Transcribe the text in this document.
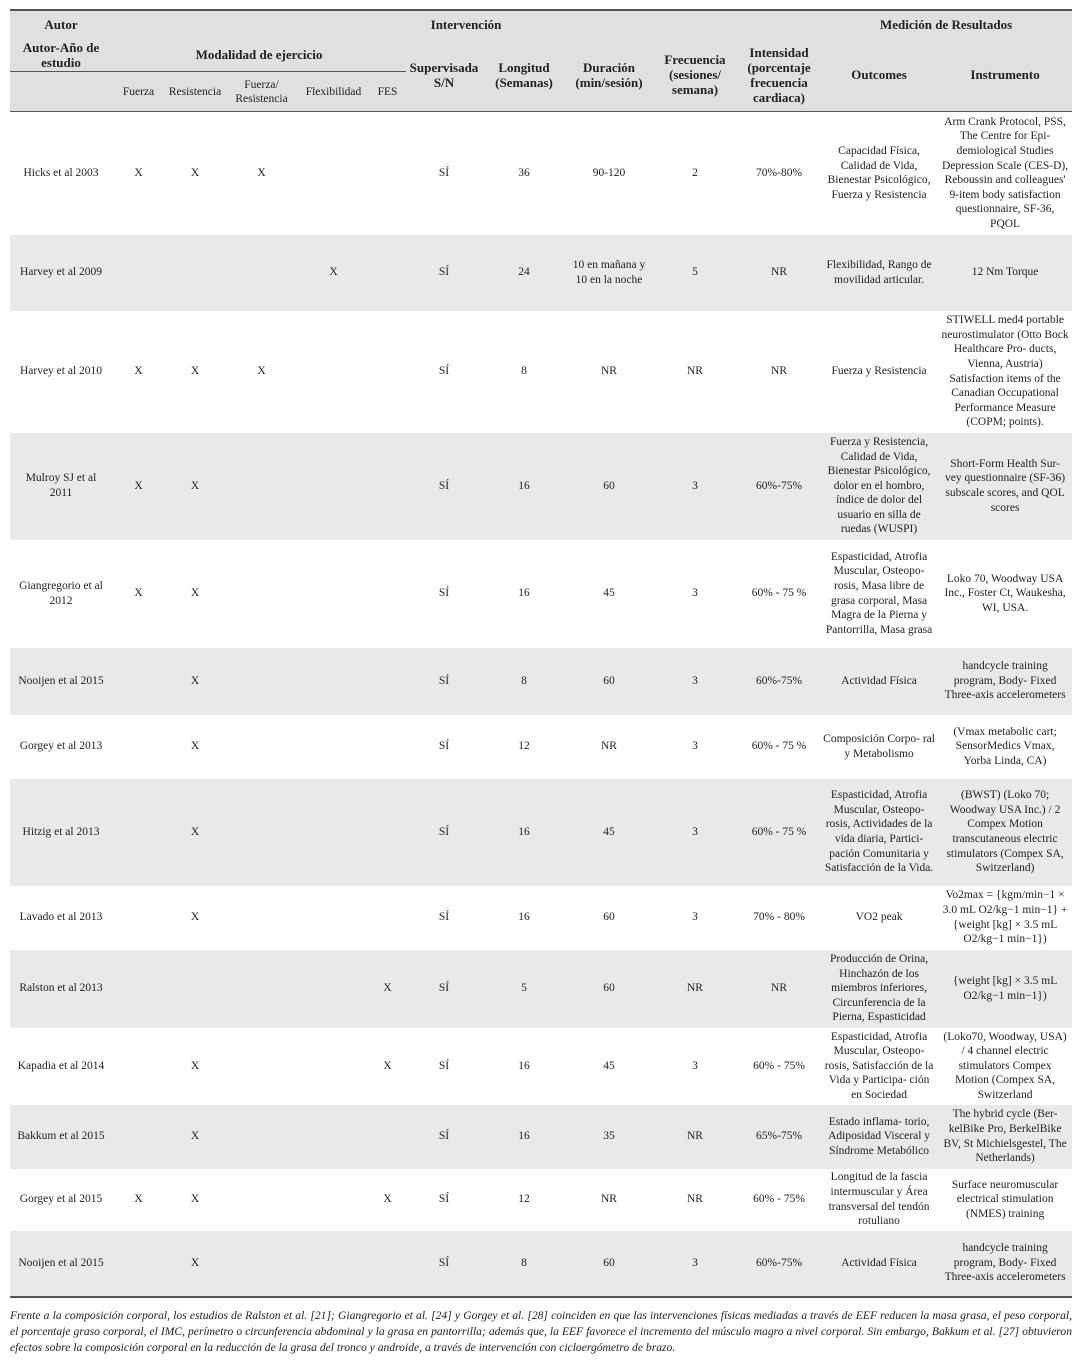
Autor	Intervención										Medición de Resultados	
Autor-Año de estudio	Modalidad de ejercicio					Supervisada S/N	Longitud (Semanas)	Duración (min/sesión)	Frecuencia (sesiones/ semana)	Intensidad (porcentaje frecuencia cardiaca)	Outcomes	Instrumento
	Fuerza	Resistencia	Fuerza/ Resistencia	Flexibilidad	FES							
Hicks et al 2003	X	X	X			SÍ	36	90-120	2	70%-80%	Capacidad Física, Calidad de Vida, Bienestar Psicológico, Fuerza y Resistencia	Arm Crank Protocol, PSS, The Centre for Epi- demiological Studies Depression Scale (CES-D), Reboussin and colleagues' 9-item body satisfaction questionnaire, SF-36, PQOL
Harvey et al 2009				X		SÍ	24	10 en mañana y 10 en la noche	5	NR	Flexibilidad, Rango de movilidad articular.	12 Nm Torque
Harvey et al 2010	X	X	X			SÍ	8	NR	NR	NR	Fuerza y Resistencia	STIWELL med4 portable neurostimulator (Otto Bock Healthcare Pro- ducts, Vienna, Austria) Satisfaction items of the Canadian Occupational Performance Measure (COPM; points).
Mulroy SJ et al 2011	X	X				SÍ	16	60	3	60%-75%	Fuerza y Resistencia, Calidad de Vida, Bienestar Psicológico, dolor en el hombro, índice de dolor del usuario en silla de ruedas (WUSPI)	Short-Form Health Sur- vey questionnaire (SF-36) subscale scores, and QOL scores
Giangregorio et al 2012	X	X				SÍ	16	45	3	60% - 75 %	Espasticidad, Atrofia Muscular, Osteopo- rosis, Masa libre de grasa corporal, Masa Magra de la Pierna y Pantorrilla, Masa grasa	Loko 70, Woodway USA Inc., Foster Ct, Waukesha, WI, USA.
Nooijen et al 2015		X				SÍ	8	60	3	60%-75%	Actividad Física	handcycle training program, Body- Fixed Three-axis accelerometers
Gorgey et al 2013		X				SÍ	12	NR	3	60% - 75 %	Composición Corpo- ral y Metabolismo	(Vmax metabolic cart; SensorMedics Vmax, Yorba Linda, CA)
Hitzig et al 2013		X				SÍ	16	45	3	60% - 75 %	Espasticidad, Atrofia Muscular, Osteopo- rosis, Actividades de la vida diaria, Partici- pación Comunitaria y Satisfacción de la Vida.	(BWST) (Loko 70; Woodway USA Inc.) / 2 Compex Motion transcutaneous electric stimulators (Compex SA, Switzerland)
Lavado et al 2013		X				SÍ	16	60	3	70% - 80%	VO2 peak	Vo2max = {kgm/min−1 × 3.0 mL O2/kg−1 min−1} + {weight [kg] × 3.5 mL O2/kg−1 min−1})
Ralston et al 2013					X	SÍ	5	60	NR	NR	Producción de Orina, Hinchazón de los miembros inferiores, Circunferencia de la Pierna, Espasticidad	{weight [kg] × 3.5 mL O2/kg−1 min−1})
Kapadia et al 2014		X			X	SÍ	16	45	3	60% - 75%	Espasticidad, Atrofia Muscular, Osteopo- rosis, Satisfacción de la Vida y Participa- ción en Sociedad	(Loko70, Woodway, USA) / 4 channel electric stimulators Compex Motion (Compex SA, Switzerland
Bakkum et al 2015		X				SÍ	16	35	NR	65%-75%	Estado inflama- torio, Adiposidad Visceral y Síndrome Metabólico	The hybrid cycle (Ber- kelBike Pro, BerkelBike BV, St Michielsgestel, The Netherlands)
Gorgey et al 2015	X	X			X	SÍ	12	NR	NR	60% - 75%	Longitud de la fascia intermuscular y Área transversal del tendón rotuliano	Surface neuromuscular electrical stimulation (NMES) training
Nooijen et al 2015		X				SÍ	8	60	3	60%-75%	Actividad Física	handcycle training program, Body- Fixed Three-axis accelerometers
Frente a la composición corporal, los estudios de Ralston et al. [21]; Giangregorio et al. [24] y Gorgey et al. [28] coinciden en que las intervenciones físicas mediadas a través de EEF reducen la masa grasa, el peso corporal, el porcentaje graso corporal, el IMC, perímetro o circunferencia abdominal y la grasa en pantorrilla; además que, la EEF favorece el incremento del músculo magro a nivel corporal. Sin embargo, Bakkum et al. [27] obtuvieron efectos sobre la composición corporal en la reducción de la grasa del tronco y androide, a través de intervención con cicloergómetro de brazo.
